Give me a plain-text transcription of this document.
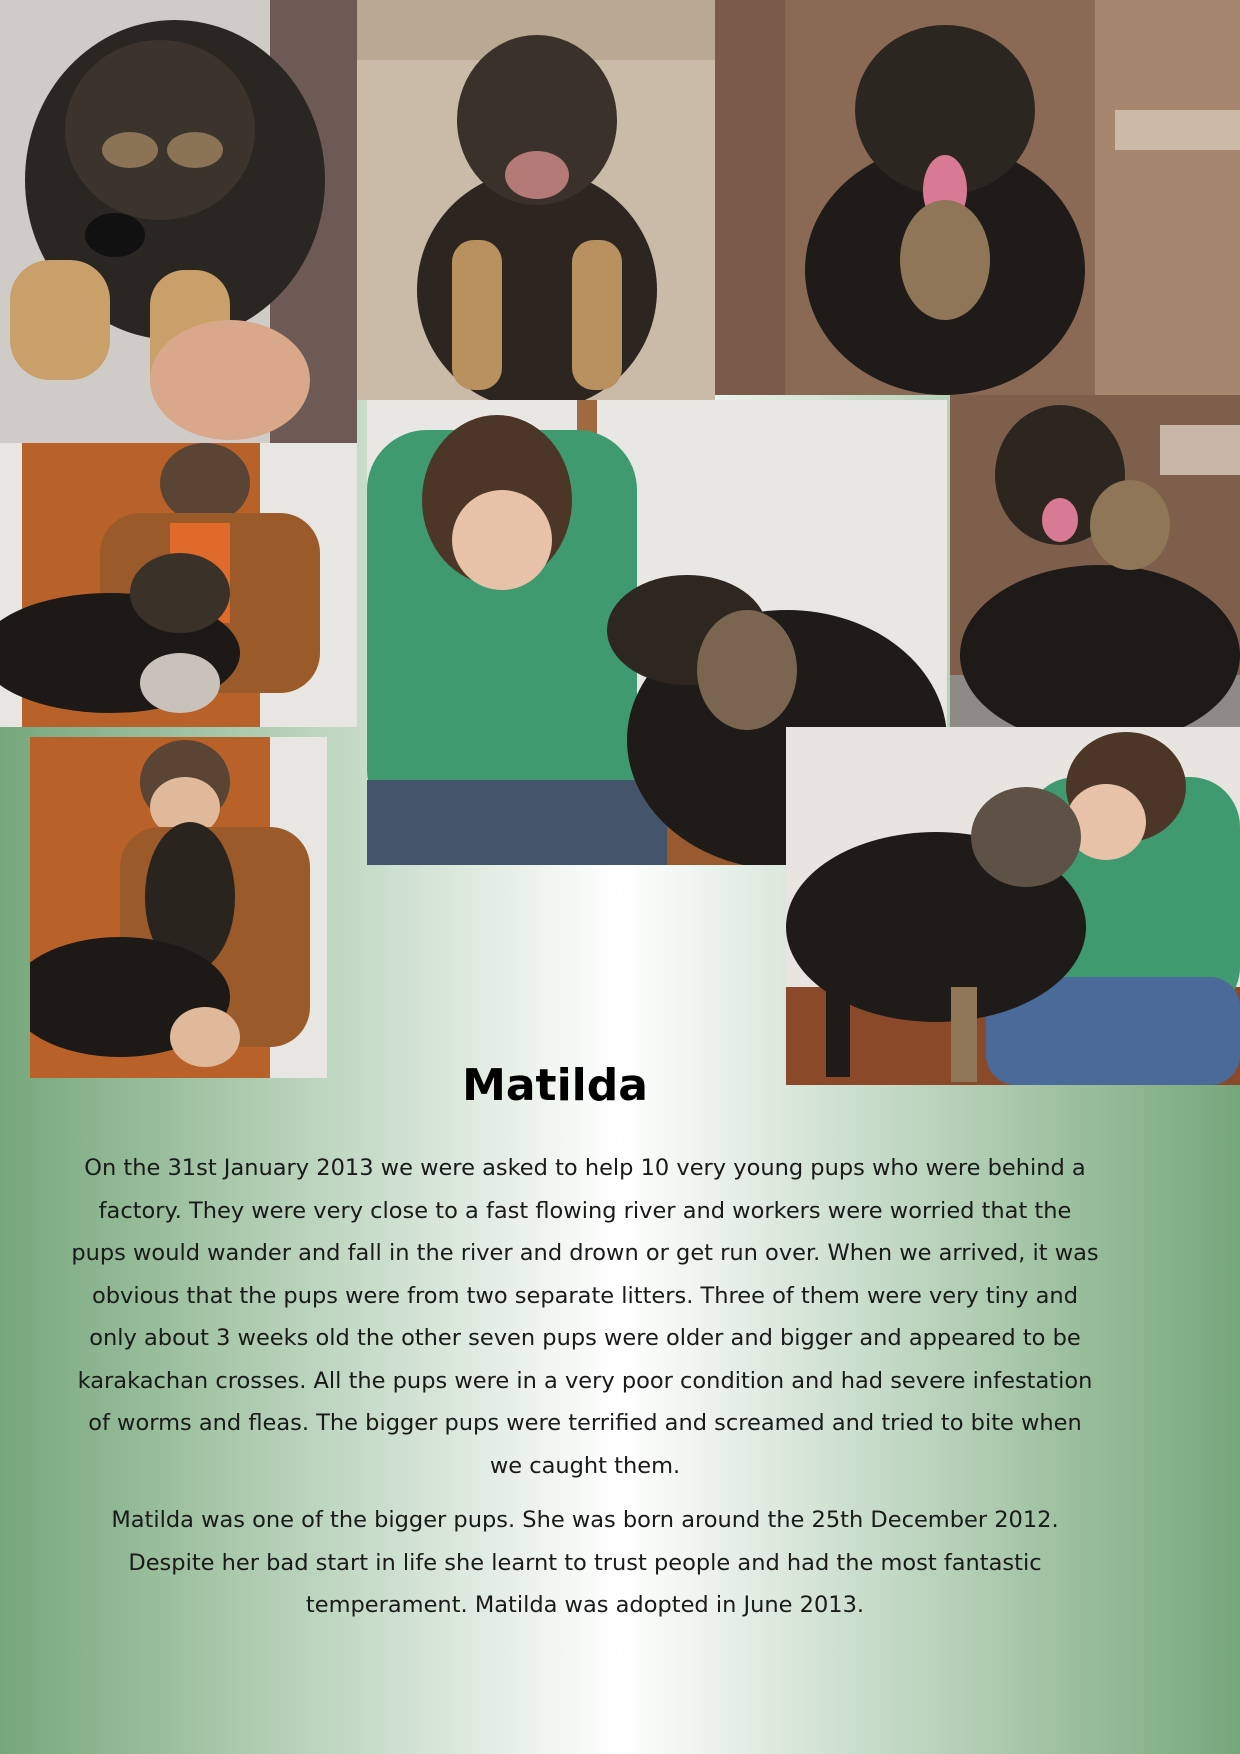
Matilda

On the 31st January 2013 we were asked to help 10 very young pups who were behind a factory. They were very close to a fast flowing river and workers were worried that the pups would wander and fall in the river and drown or get run over. When we arrived, it was obvious that the pups were from two separate litters. Three of them were very tiny and only about 3 weeks old the other seven pups were older and bigger and appeared to be karakachan crosses. All the pups were in a very poor condition and had severe infestation of worms and fleas. The bigger pups were terrified and screamed and tried to bite when we caught them.

Matilda was one of the bigger pups. She was born around the 25th December 2012. Despite her bad start in life she learnt to trust people and had the most fantastic temperament. Matilda was adopted in June 2013.
